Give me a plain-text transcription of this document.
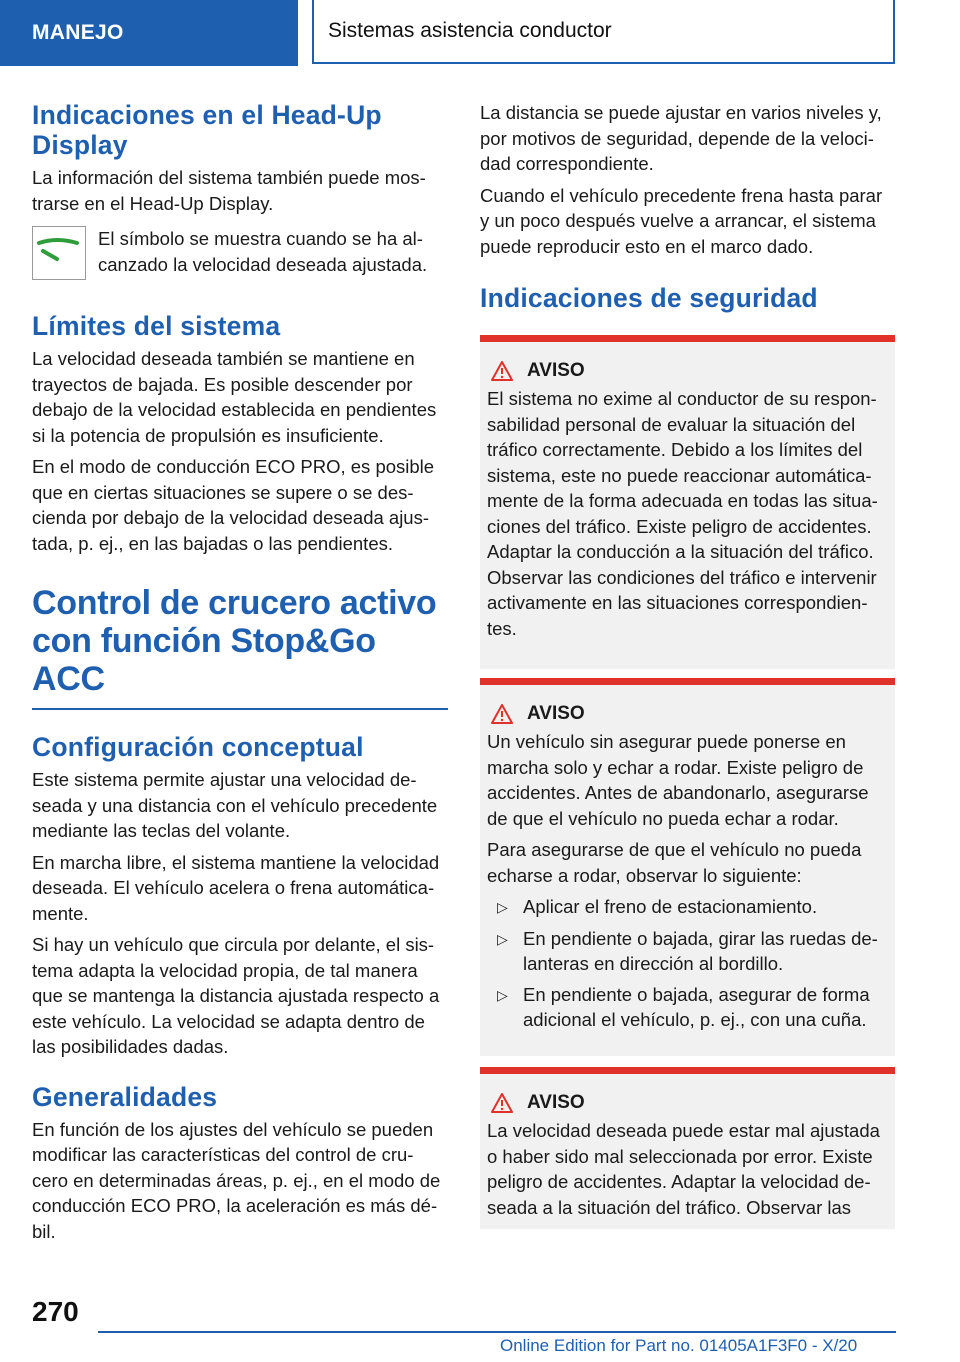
MANEJO	Sistemas asistencia conductor
Indicaciones en el Head-Up Display

La información del sistema también puede mos-trarse en el Head-Up Display.

El símbolo se muestra cuando se ha al-canzado la velocidad deseada ajustada.

Límites del sistema

La velocidad deseada también se mantiene en trayectos de bajada. Es posible descender por debajo de la velocidad establecida en pendientes si la potencia de propulsión es insuficiente.

En el modo de conducción ECO PRO, es posible que en ciertas situaciones se supere o se des-cienda por debajo de la velocidad deseada ajus-tada, p. ej., en las bajadas o las pendientes.

Control de crucero activo con función Stop&Go ACC
Configuración conceptual

Este sistema permite ajustar una velocidad de-seada y una distancia con el vehículo precedente mediante las teclas del volante.

En marcha libre, el sistema mantiene la velocidad deseada. El vehículo acelera o frena automática-mente.

Si hay un vehículo que circula por delante, el sis-tema adapta la velocidad propia, de tal manera que se mantenga la distancia ajustada respecto a este vehículo. La velocidad se adapta dentro de las posibilidades dadas.

Generalidades

En función de los ajustes del vehículo se pueden modificar las características del control de cru-cero en determinadas áreas, p. ej., en el modo de conducción ECO PRO, la aceleración es más dé-bil.

La distancia se puede ajustar en varios niveles y, por motivos de seguridad, depende de la veloci-dad correspondiente.

Cuando el vehículo precedente frena hasta parar y un poco después vuelve a arrancar, el sistema puede reproducir esto en el marco dado.

Indicaciones de seguridad
AVISO

El sistema no exime al conductor de su respon-sabilidad personal de evaluar la situación del tráfico correctamente. Debido a los límites del sistema, este no puede reaccionar automática-mente de la forma adecuada en todas las situa-ciones del tráfico. Existe peligro de accidentes. Adaptar la conducción a la situación del tráfico. Observar las condiciones del tráfico e intervenir activamente en las situaciones correspondien-tes.

AVISO

Un vehículo sin asegurar puede ponerse en marcha solo y echar a rodar. Existe peligro de accidentes. Antes de abandonarlo, asegurarse de que el vehículo no pueda echar a rodar.

Para asegurarse de que el vehículo no pueda echarse a rodar, observar lo siguiente:

▷ Aplicar el freno de estacionamiento.
▷ En pendiente o bajada, girar las ruedas de-lanteras en dirección al bordillo.
▷ En pendiente o bajada, asegurar de forma adicional el vehículo, p. ej., con una cuña.
AVISO

La velocidad deseada puede estar mal ajustada o haber sido mal seleccionada por error. Existe peligro de accidentes. Adaptar la velocidad de-seada a la situación del tráfico. Observar las

270
Online Edition for Part no. 01405A1F3F0 - X/20
